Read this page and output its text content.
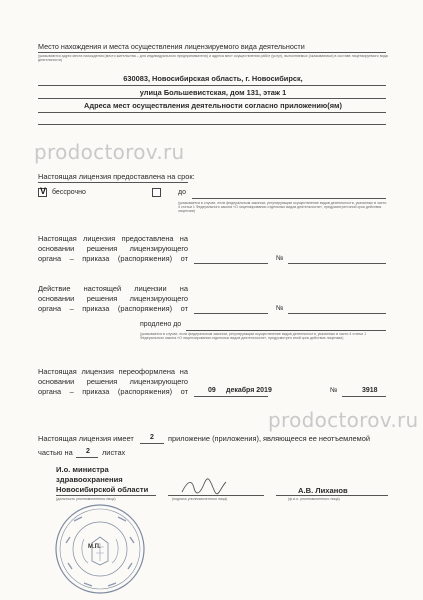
prodoctorov.ru
prodoctorov.ru
Место нахождения и места осуществления лицензируемого вида деятельности
(указываются адрес места нахождения (место жительства – для индивидуального предпринимателя) и адреса мест осуществления работ (услуг), выполняемых (оказываемых) в составе лицензируемого вида деятельности)
630083, Новосибирская область, г. Новосибирск,
улица Большевистская, дом 131, этаж 1
Адреса мест осуществления деятельности согласно приложению(ям)
Настоящая лицензия предоставлена на срок:
V бессрочно	до
(указывается в случае, если федеральным законом, регулирующим осуществление видов деятельности, указанных в части 4 статьи 1 Федерального закона «О лицензировании отдельных видов деятельности», предусмотрен иной срок действия лицензии)
Настоящая лицензия предоставлена на
основании решения лицензирующего
органа – приказа (распоряжения) от	№
Действие настоящей лицензии на
основании решения лицензирующего
органа – приказа (распоряжения) от	№
продлено до
(указывается в случае, если федеральным законом, регулирующим осуществление видов деятельности, указанных в части 4 статьи 1 Федерального закона «О лицензировании отдельных видов деятельности», предусмотрен иной срок действия лицензии)
Настоящая лицензия переоформлена на
основании решения лицензирующего
органа – приказа (распоряжения) от	09 декабря 2019	№	3918
Настоящая лицензия имеет 2 приложение (приложения), являющееся ее неотъемлемой
частью на 2 листах
И.о. министра
здравоохранения
Новосибирской области
(должность уполномоченного лица)	(подпись уполномоченного лица)
А.В. Лиханов
(ф.и.о. уполномоченного лица)
М.П.
